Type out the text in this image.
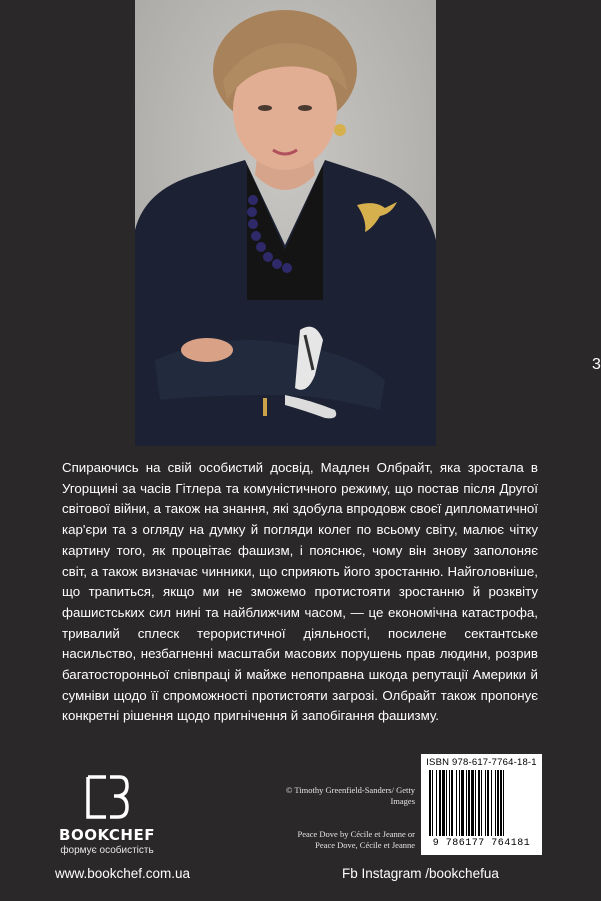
3

Спираючись на свій особистий досвід, Мадлен Олбрайт, яка зростала в Угорщині за часів Гітлера та комуністичного режиму, що постав після Другої світової війни, а також на знання, які здобула впродовж своєї дипломатичної кар'єри та з огляду на думку й погляди колег по всьому світу, малює чітку картину того, як процвітає фашизм, і пояснює, чому він знову заполоняє світ, а також визначає чинники, що сприяють його зростанню. Найголовніше, що трапиться, якщо ми не зможемо протистояти зростанню й розквіту фашистських сил нині та найближчим часом, — це економічна катастрофа, тривалий сплеск терористичної діяльності, посилене сектантське насильство, незбагненні масштаби масових порушень прав людини, розрив багатосторонньої співпраці й майже непоправна шкода репутації Америки й сумніви щодо її спроможності протистояти загрозі. Олбрайт також пропонує конкретні рішення щодо пригнічення й запобігання фашизму.

BOOKCHEF
формує особистість

© Timothy Greenfield-Sanders/ Getty Images

Peace Dove by Cécile et Jeanne or Peace Dove, Cécile et Jeanne

ISBN 978-617-7764-18-1
9 786177 764181
www.bookchef.com.ua	Fb Instagram /bookchefua
